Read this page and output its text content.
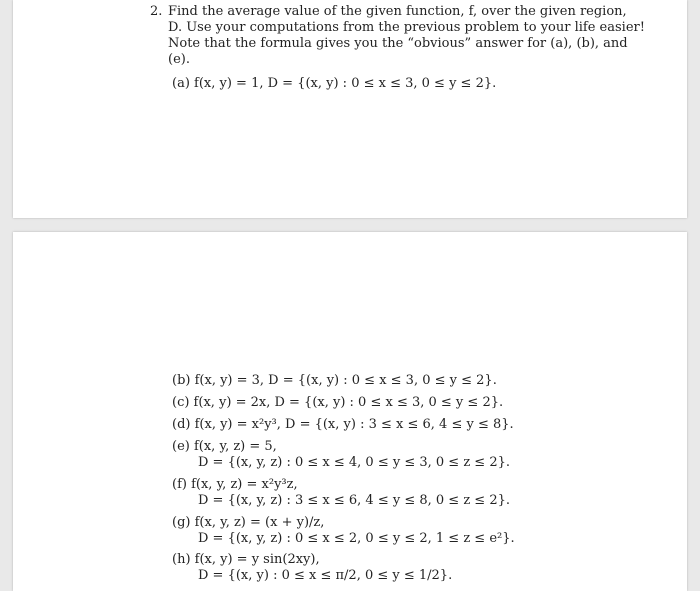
2. Find the average value of the given function, f, over the given region,
D. Use your computations from the previous problem to your life easier!
Note that the formula gives you the “obvious” answer for (a), (b), and
(e).
(a) f(x, y) = 1, D = {(x, y) : 0 ≤ x ≤ 3, 0 ≤ y ≤ 2}.
(b) f(x, y) = 3, D = {(x, y) : 0 ≤ x ≤ 3, 0 ≤ y ≤ 2}.
(c) f(x, y) = 2x, D = {(x, y) : 0 ≤ x ≤ 3, 0 ≤ y ≤ 2}.
(d) f(x, y) = x²y³, D = {(x, y) : 3 ≤ x ≤ 6, 4 ≤ y ≤ 8}.
(e) f(x, y, z) = 5,
D = {(x, y, z) : 0 ≤ x ≤ 4, 0 ≤ y ≤ 3, 0 ≤ z ≤ 2}.
(f) f(x, y, z) = x²y³z,
D = {(x, y, z) : 3 ≤ x ≤ 6, 4 ≤ y ≤ 8, 0 ≤ z ≤ 2}.
(g) f(x, y, z) = (x + y)/z,
D = {(x, y, z) : 0 ≤ x ≤ 2, 0 ≤ y ≤ 2, 1 ≤ z ≤ e²}.
(h) f(x, y) = y sin(2xy),
D = {(x, y) : 0 ≤ x ≤ π/2, 0 ≤ y ≤ 1/2}.
